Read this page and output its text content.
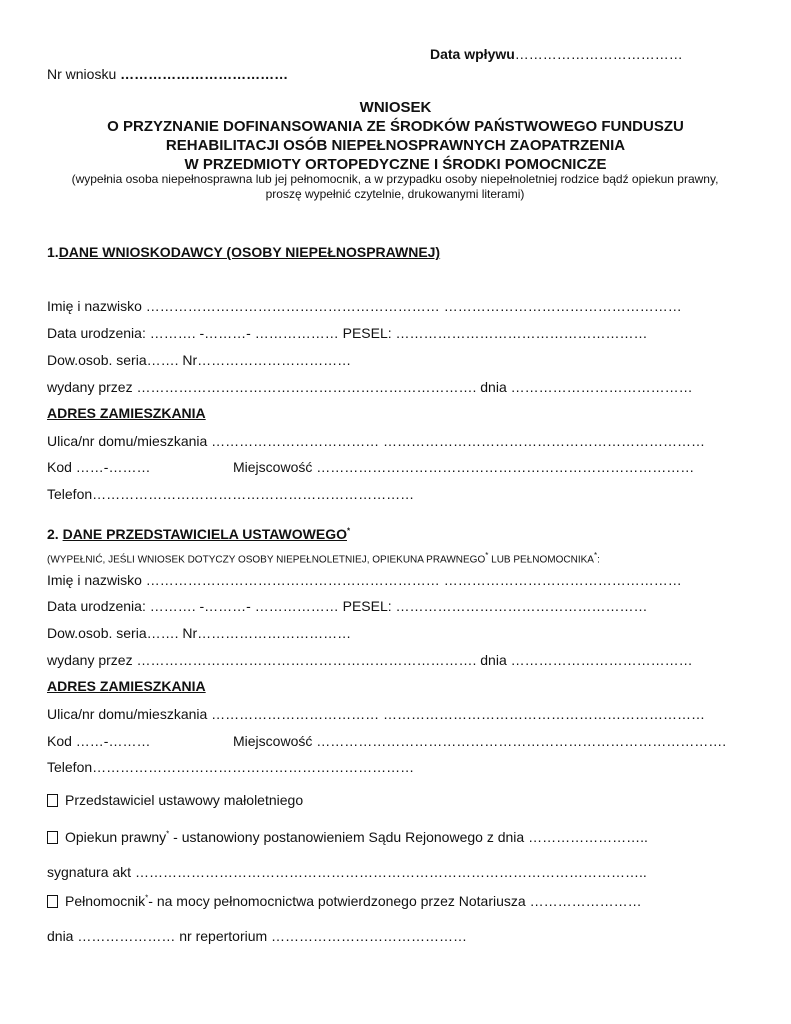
Data wpływu………………………………
Nr wniosku ………………………………
WNIOSEK
O PRZYZNANIE DOFINANSOWANIA ZE ŚRODKÓW PAŃSTWOWEGO FUNDUSZU
REHABILITACJI OSÓB NIEPEŁNOSPRAWNYCH ZAOPATRZENIA
W PRZEDMIOTY ORTOPEDYCZNE I ŚRODKI POMOCNICZE
(wypełnia osoba niepełnosprawna lub jej pełnomocnik, a w przypadku osoby niepełnoletniej rodzice bądź opiekun prawny, proszę wypełnić czytelnie, drukowanymi literami)
1.DANE WNIOSKODAWCY (OSOBY NIEPEŁNOSPRAWNEJ)
Imię i nazwisko ……………………………………………………… ……………………………………………
Data urodzenia: ………. -………- ……………… PESEL: ………………………………………………
Dow.osob. seria……. Nr……………………………
wydany przez ………………………………………………………………. dnia …………………………………
ADRES ZAMIESZKANIA
Ulica/nr domu/mieszkania ……………………………… ……………………………………………………………
Kod ……-………	Miejscowość ………………………………………………………………………
Telefon……………………………………………………………
2. DANE PRZEDSTAWICIELA USTAWOWEGO*
(WYPEŁNIĆ, JEŚLI WNIOSEK DOTYCZY OSOBY NIEPEŁNOLETNIEJ, OPIEKUNA PRAWNEGO* LUB PEŁNOMOCNIKA*:
Imię i nazwisko ……………………………………………………… ……………………………………………
Data urodzenia: ………. -………- ……………… PESEL: ………………………………………………
Dow.osob. seria……. Nr……………………………
wydany przez ………………………………………………………………. dnia …………………………………
ADRES ZAMIESZKANIA
Ulica/nr domu/mieszkania ……………………………… ……………………………………………………………
Kod ……-………	Miejscowość …………………………………………………………………………….
Telefon……………………………………………………………
Przedstawiciel ustawowy małoletniego
Opiekun prawny* - ustanowiony postanowieniem Sądu Rejonowego z dnia ……………………..
sygnatura akt ………………………………………………………………………………………………..
Pełnomocnik*- na mocy pełnomocnictwa potwierdzonego przez Notariusza ……………………
dnia ………………… nr repertorium ……………………………………
